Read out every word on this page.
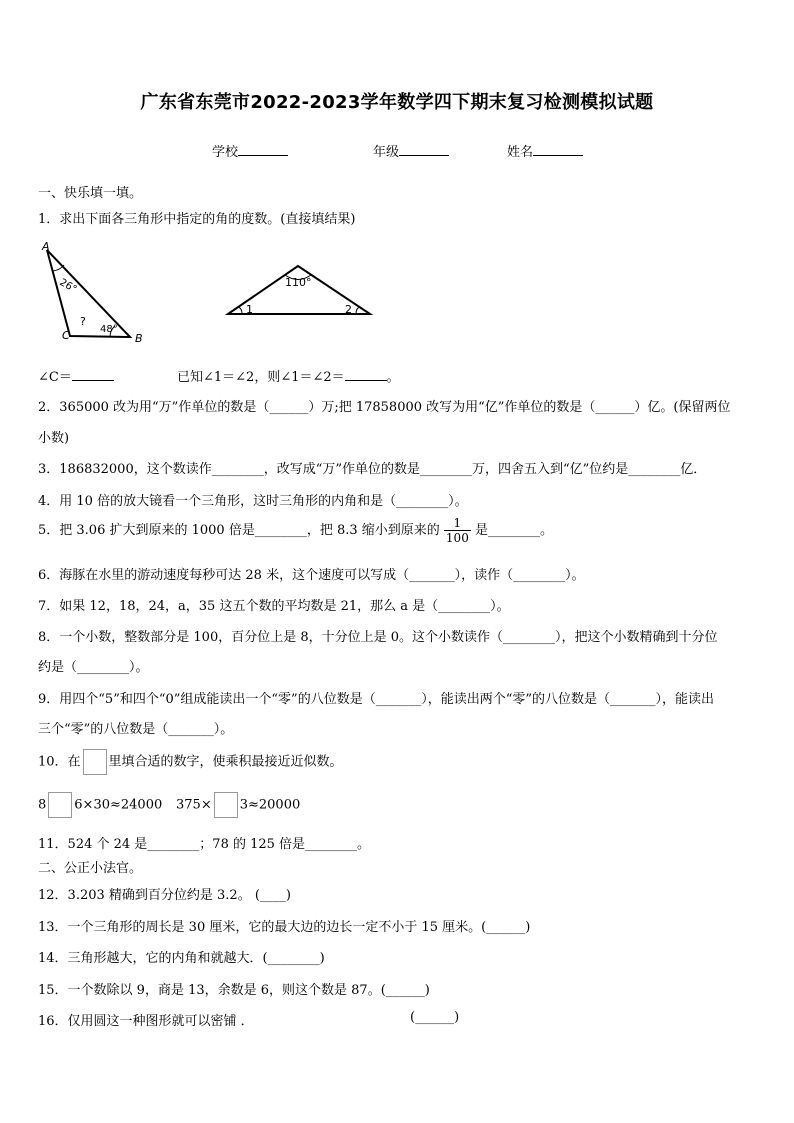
广东省东莞市2022-2023学年数学四下期末复习检测模拟试题
学校	年级	姓名
一、快乐填一填。
1．求出下面各三角形中指定的角的度数。(直接填结果)
A
26°
?
48°
C	B
110°
1	2
∠C＝	已知∠1＝∠2，则∠1＝∠2＝	。
2．365000 改为用“万”作单位的数是（______）万;把 17858000 改写为用“亿”作单位的数是（______）亿。(保留两位
小数)
3．186832000，这个数读作________，改写成“万”作单位的数是________万，四舍五入到“亿”位约是________亿．
4．用 10 倍的放大镜看一个三角形，这时三角形的内角和是（________）。
5．把 3.06 扩大到原来的 1000 倍是________，把 8.3 缩小到原来的 $\frac{1}{100}$ 是________。
6．海豚在水里的游动速度每秒可达 28 米，这个速度可以写成（_______），读作（________）。
7．如果 12，18，24，a，35 这五个数的平均数是 21，那么 a 是（________）。
8．一个小数，整数部分是 100，百分位上是 8，十分位上是 0。这个小数读作（________），把这个小数精确到十分位
约是（________）。
9．用四个“5”和四个“0”组成能读出一个“零”的八位数是（_______），能读出两个“零”的八位数是（_______），能读出
三个“零”的八位数是（_______）。
10．在 里填合适的数字，使乘积最接近近似数。
8 6×30≈24000 375× 3≈20000
11．524 个 24 是________；78 的 125 倍是________。
二、公正小法官。
12．3.203 精确到百分位约是 3.2。 (____)
13．一个三角形的周长是 30 厘米，它的最大边的边长一定不小于 15 厘米。(______)
14．三角形越大，它的内角和就越大．(________)
15．一个数除以 9，商是 13，余数是 6，则这个数是 87。(______)
16．仅用圆这一种图形就可以密铺 ．	(______)
